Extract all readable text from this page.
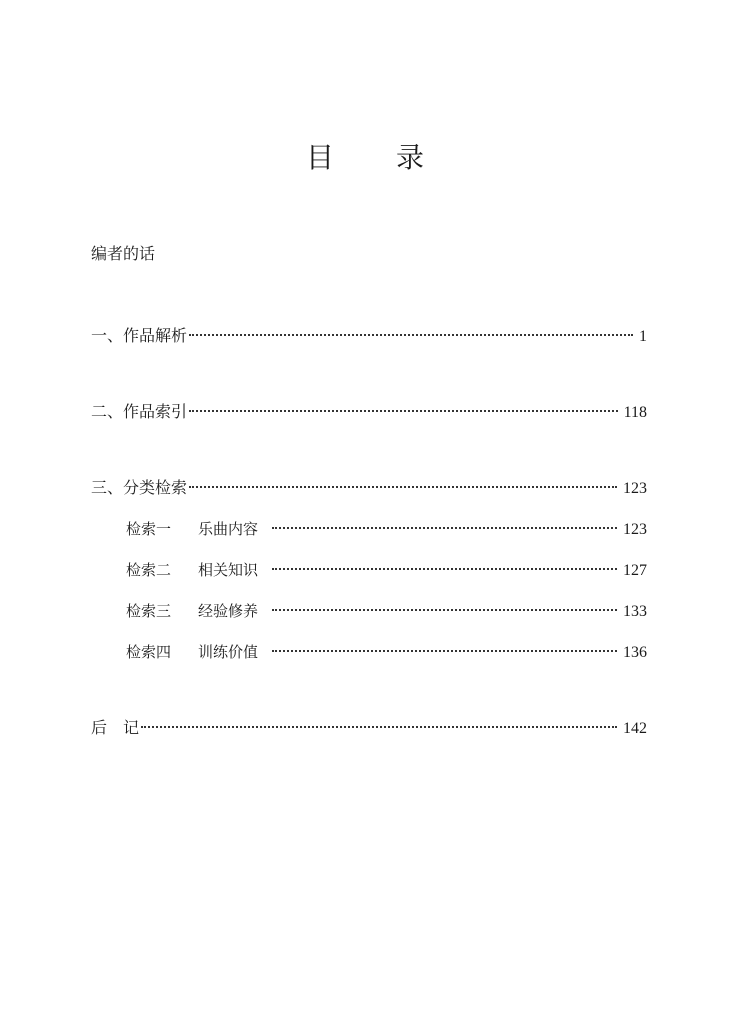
目 录
编者的话
一、作品解析	1
二、作品索引	118
三、分类检索	123
检索一 乐曲内容	123
检索二 相关知识	127
检索三 经验修养	133
检索四 训练价值	136
后 记	142
